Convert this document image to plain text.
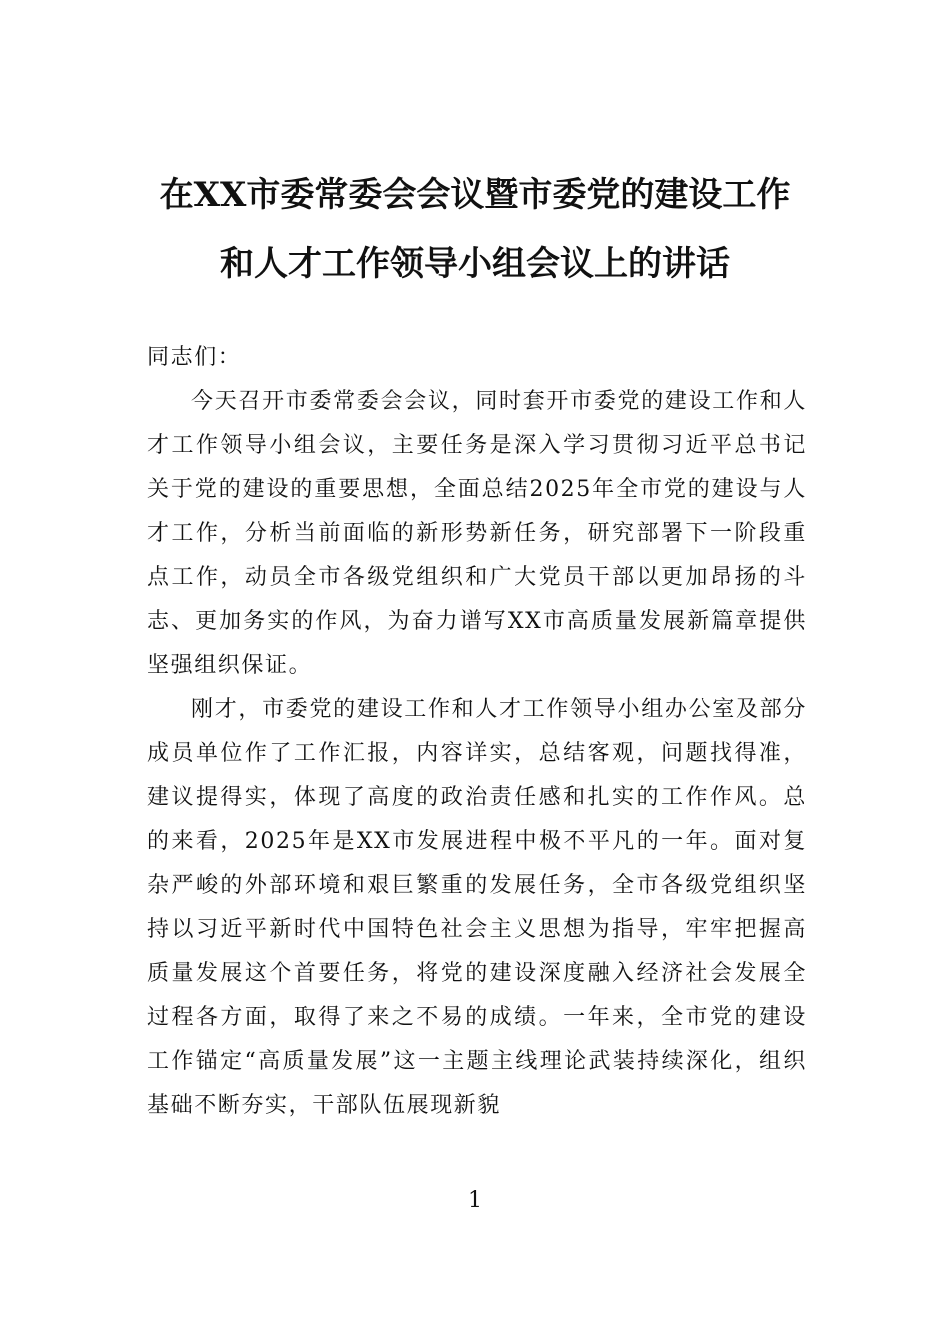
在XX市委常委会会议暨市委党的建设工作
和人才工作领导小组会议上的讲话

同志们：

今天召开市委常委会会议，同时套开市委党的建设工作和人才工作领导小组会议，主要任务是深入学习贯彻习近平总书记关于党的建设的重要思想，全面总结2025年全市党的建设与人才工作，分析当前面临的新形势新任务，研究部署下一阶段重点工作，动员全市各级党组织和广大党员干部以更加昂扬的斗志、更加务实的作风，为奋力谱写XX市高质量发展新篇章提供坚强组织保证。

刚才，市委党的建设工作和人才工作领导小组办公室及部分成员单位作了工作汇报，内容详实，总结客观，问题找得准，建议提得实，体现了高度的政治责任感和扎实的工作作风。总的来看，2025年是XX市发展进程中极不平凡的一年。面对复杂严峻的外部环境和艰巨繁重的发展任务，全市各级党组织坚持以习近平新时代中国特色社会主义思想为指导，牢牢把握高质量发展这个首要任务，将党的建设深度融入经济社会发展全过程各方面，取得了来之不易的成绩。一年来，全市党的建设工作锚定“高质量发展”这一主题主线理论武装持续深化，组织基础不断夯实，干部队伍展现新貌

1
